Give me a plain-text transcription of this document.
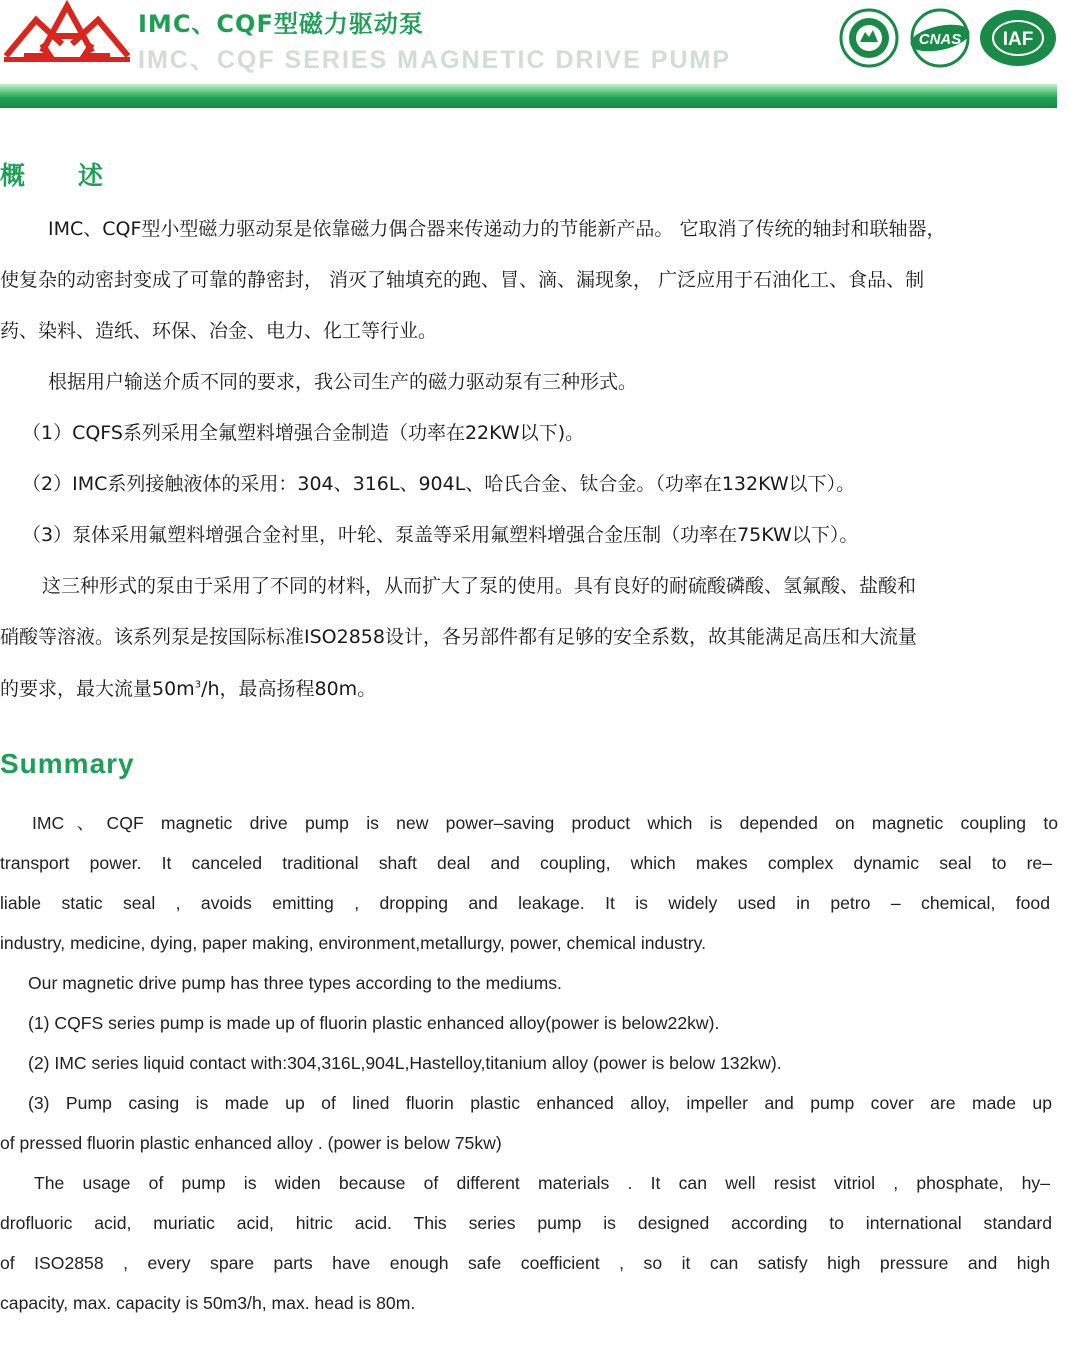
IMC、CQF型磁力驱动泵
IMC、CQF SERIES MAGNETIC DRIVE PUMP
CNAS IAF
概　述

IMC、CQF型小型磁力驱动泵是依靠磁力偶合器来传递动力的节能新产品。 它取消了传统的轴封和联轴器，

使复杂的动密封变成了可靠的静密封， 消灭了轴填充的跑、冒、滴、漏现象， 广泛应用于石油化工、食品、制

药、染料、造纸、环保、冶金、电力、化工等行业。

根据用户输送介质不同的要求，我公司生产的磁力驱动泵有三种形式。

（1）CQFS系列采用全氟塑料增强合金制造（功率在22KW以下)。

（2）IMC系列接触液体的采用：304、316L、904L、哈氏合金、钛合金。（功率在132KW以下）。

（3）泵体采用氟塑料增强合金衬里，叶轮、泵盖等采用氟塑料增强合金压制（功率在75KW以下）。

这三种形式的泵由于采用了不同的材料，从而扩大了泵的使用。具有良好的耐硫酸磷酸、氢氟酸、盐酸和

硝酸等溶液。该系列泵是按国际标准ISO2858设计，各另部件都有足够的安全系数，故其能满足高压和大流量

的要求，最大流量$50m^3/h$，最高扬程80m。

Summary

IMC、CQF magnetic drive pump is new power–saving product which is depended on magnetic coupling to

transport power. It canceled traditional shaft deal and coupling, which makes complex dynamic seal to re–

liable static seal , avoids emitting , dropping and leakage. It is widely used in petro – chemical, food

industry, medicine, dying, paper making, environment,metallurgy, power, chemical industry.

Our magnetic drive pump has three types according to the mediums.

(1) CQFS series pump is made up of fluorin plastic enhanced alloy(power is below22kw).

(2) IMC series liquid contact with:304,316L,904L,Hastelloy,titanium alloy (power is below 132kw).

(3) Pump casing is made up of lined fluorin plastic enhanced alloy, impeller and pump cover are made up

of pressed fluorin plastic enhanced alloy . (power is below 75kw)

The usage of pump is widen because of different materials . It can well resist vitriol , phosphate, hy–

drofluoric acid, muriatic acid, hitric acid. This series pump is designed according to international standard

of ISO2858 , every spare parts have enough safe coefficient , so it can satisfy high pressure and high

capacity, max. capacity is 50m3/h, max. head is 80m.
